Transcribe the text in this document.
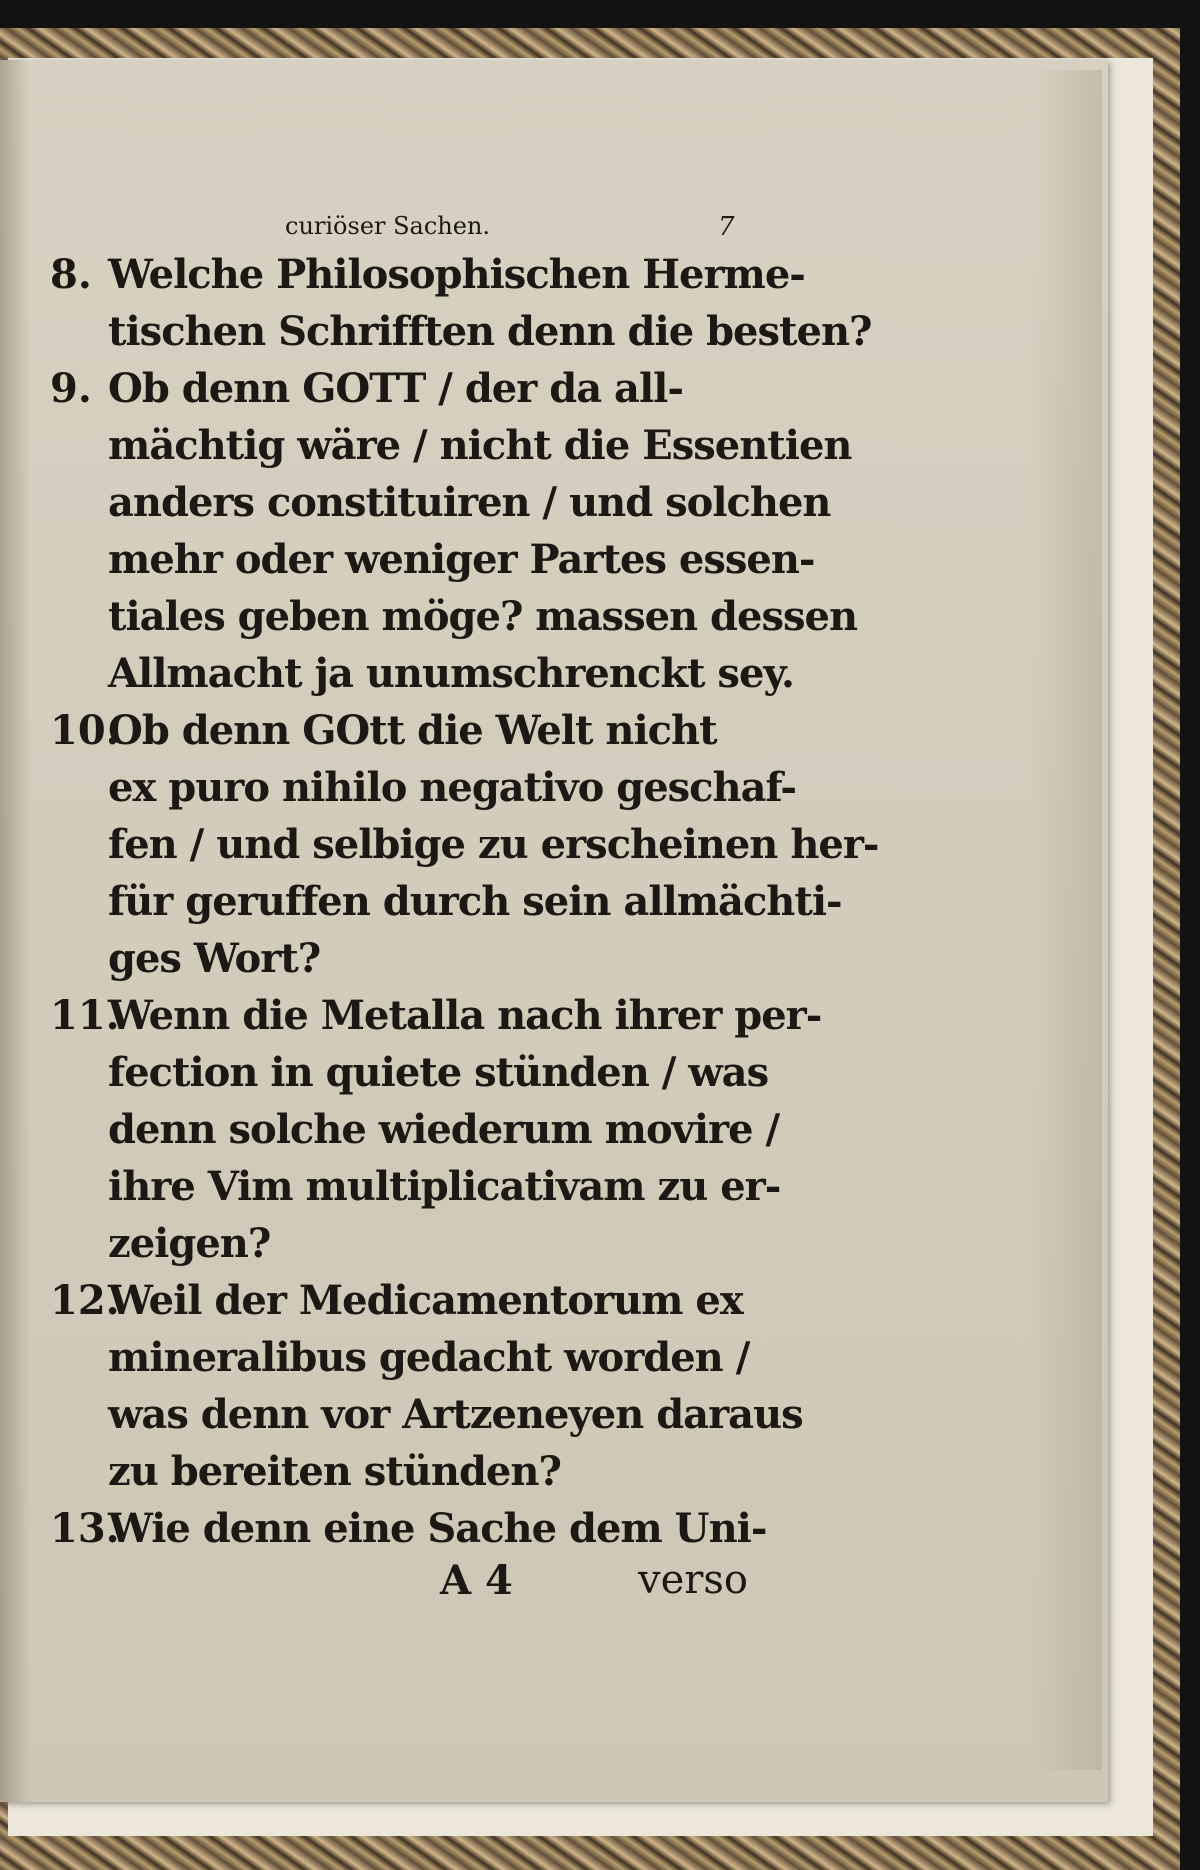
curiöser Sachen.	7
8. Welche Philosophischen Herme-
tischen Schrifften denn die besten?
9. Ob denn GOTT / der da all-
mächtig wäre / nicht die Essentien
anders constituiren / und solchen
mehr oder weniger Partes essen-
tiales geben möge? massen dessen
Allmacht ja unumschrenckt sey.
10.
Ob denn GOtt die Welt nicht
ex puro nihilo negativo geschaf-
fen / und selbige zu erscheinen her-
für geruffen durch sein allmächti-
ges Wort?
11.
Wenn die Metalla nach ihrer per-
fection in quiete stünden / was
denn solche wiederum movire /
ihre Vim multiplicativam zu er-
zeigen?
12.
Weil der Medicamentorum ex
mineralibus gedacht worden /
was denn vor Artzeneyen daraus
zu bereiten stünden?
13.
Wie denn eine Sache dem Uni-
A 4	verso
